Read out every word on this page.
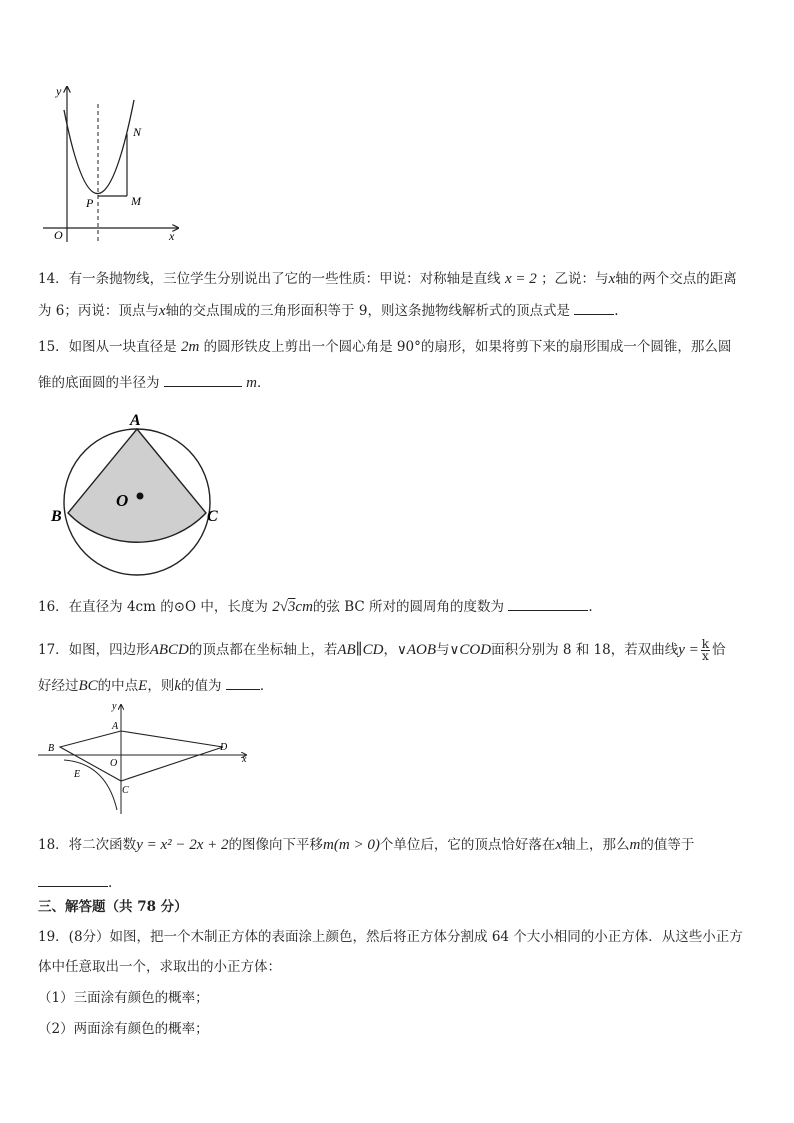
y
N
P	M
O	x
14．有一条抛物线，三位学生分别说出了它的一些性质：甲说：对称轴是直线 x = 2 ；乙说：与x轴的两个交点的距离
为 6；丙说：顶点与x轴的交点围成的三角形面积等于 9，则这条抛物线解析式的顶点式是	.
15．如图从一块直径是 2m 的圆形铁皮上剪出一个圆心角是 90°的扇形，如果将剪下来的扇形围成一个圆锥，那么圆
锥的底面圆的半径为	m．
A
O
B	C
16．在直径为 4cm 的⊙O 中，长度为 2√3cm的弦 BC 所对的圆周角的度数为	.
17．如图，四边形ABCD的顶点都在坐标轴上，若AB∥CD，∨AOB与∨COD面积分别为 8 和 18，若双曲线$y = \frac{k}{x}$ 恰
好经过BC的中点E，则k的值为	．
y
A
B
O
D
x
E
C
18．将二次函数y = x² − 2x + 2的图像向下平移m(m > 0)个单位后，它的顶点恰好落在x轴上，那么m的值等于
.
三、解答题（共 78 分）
19．(8分）如图，把一个木制正方体的表面涂上颜色，然后将正方体分割成 64 个大小相同的小正方体．从这些小正方
体中任意取出一个，求取出的小正方体：
（1）三面涂有颜色的概率；
（2）两面涂有颜色的概率；
